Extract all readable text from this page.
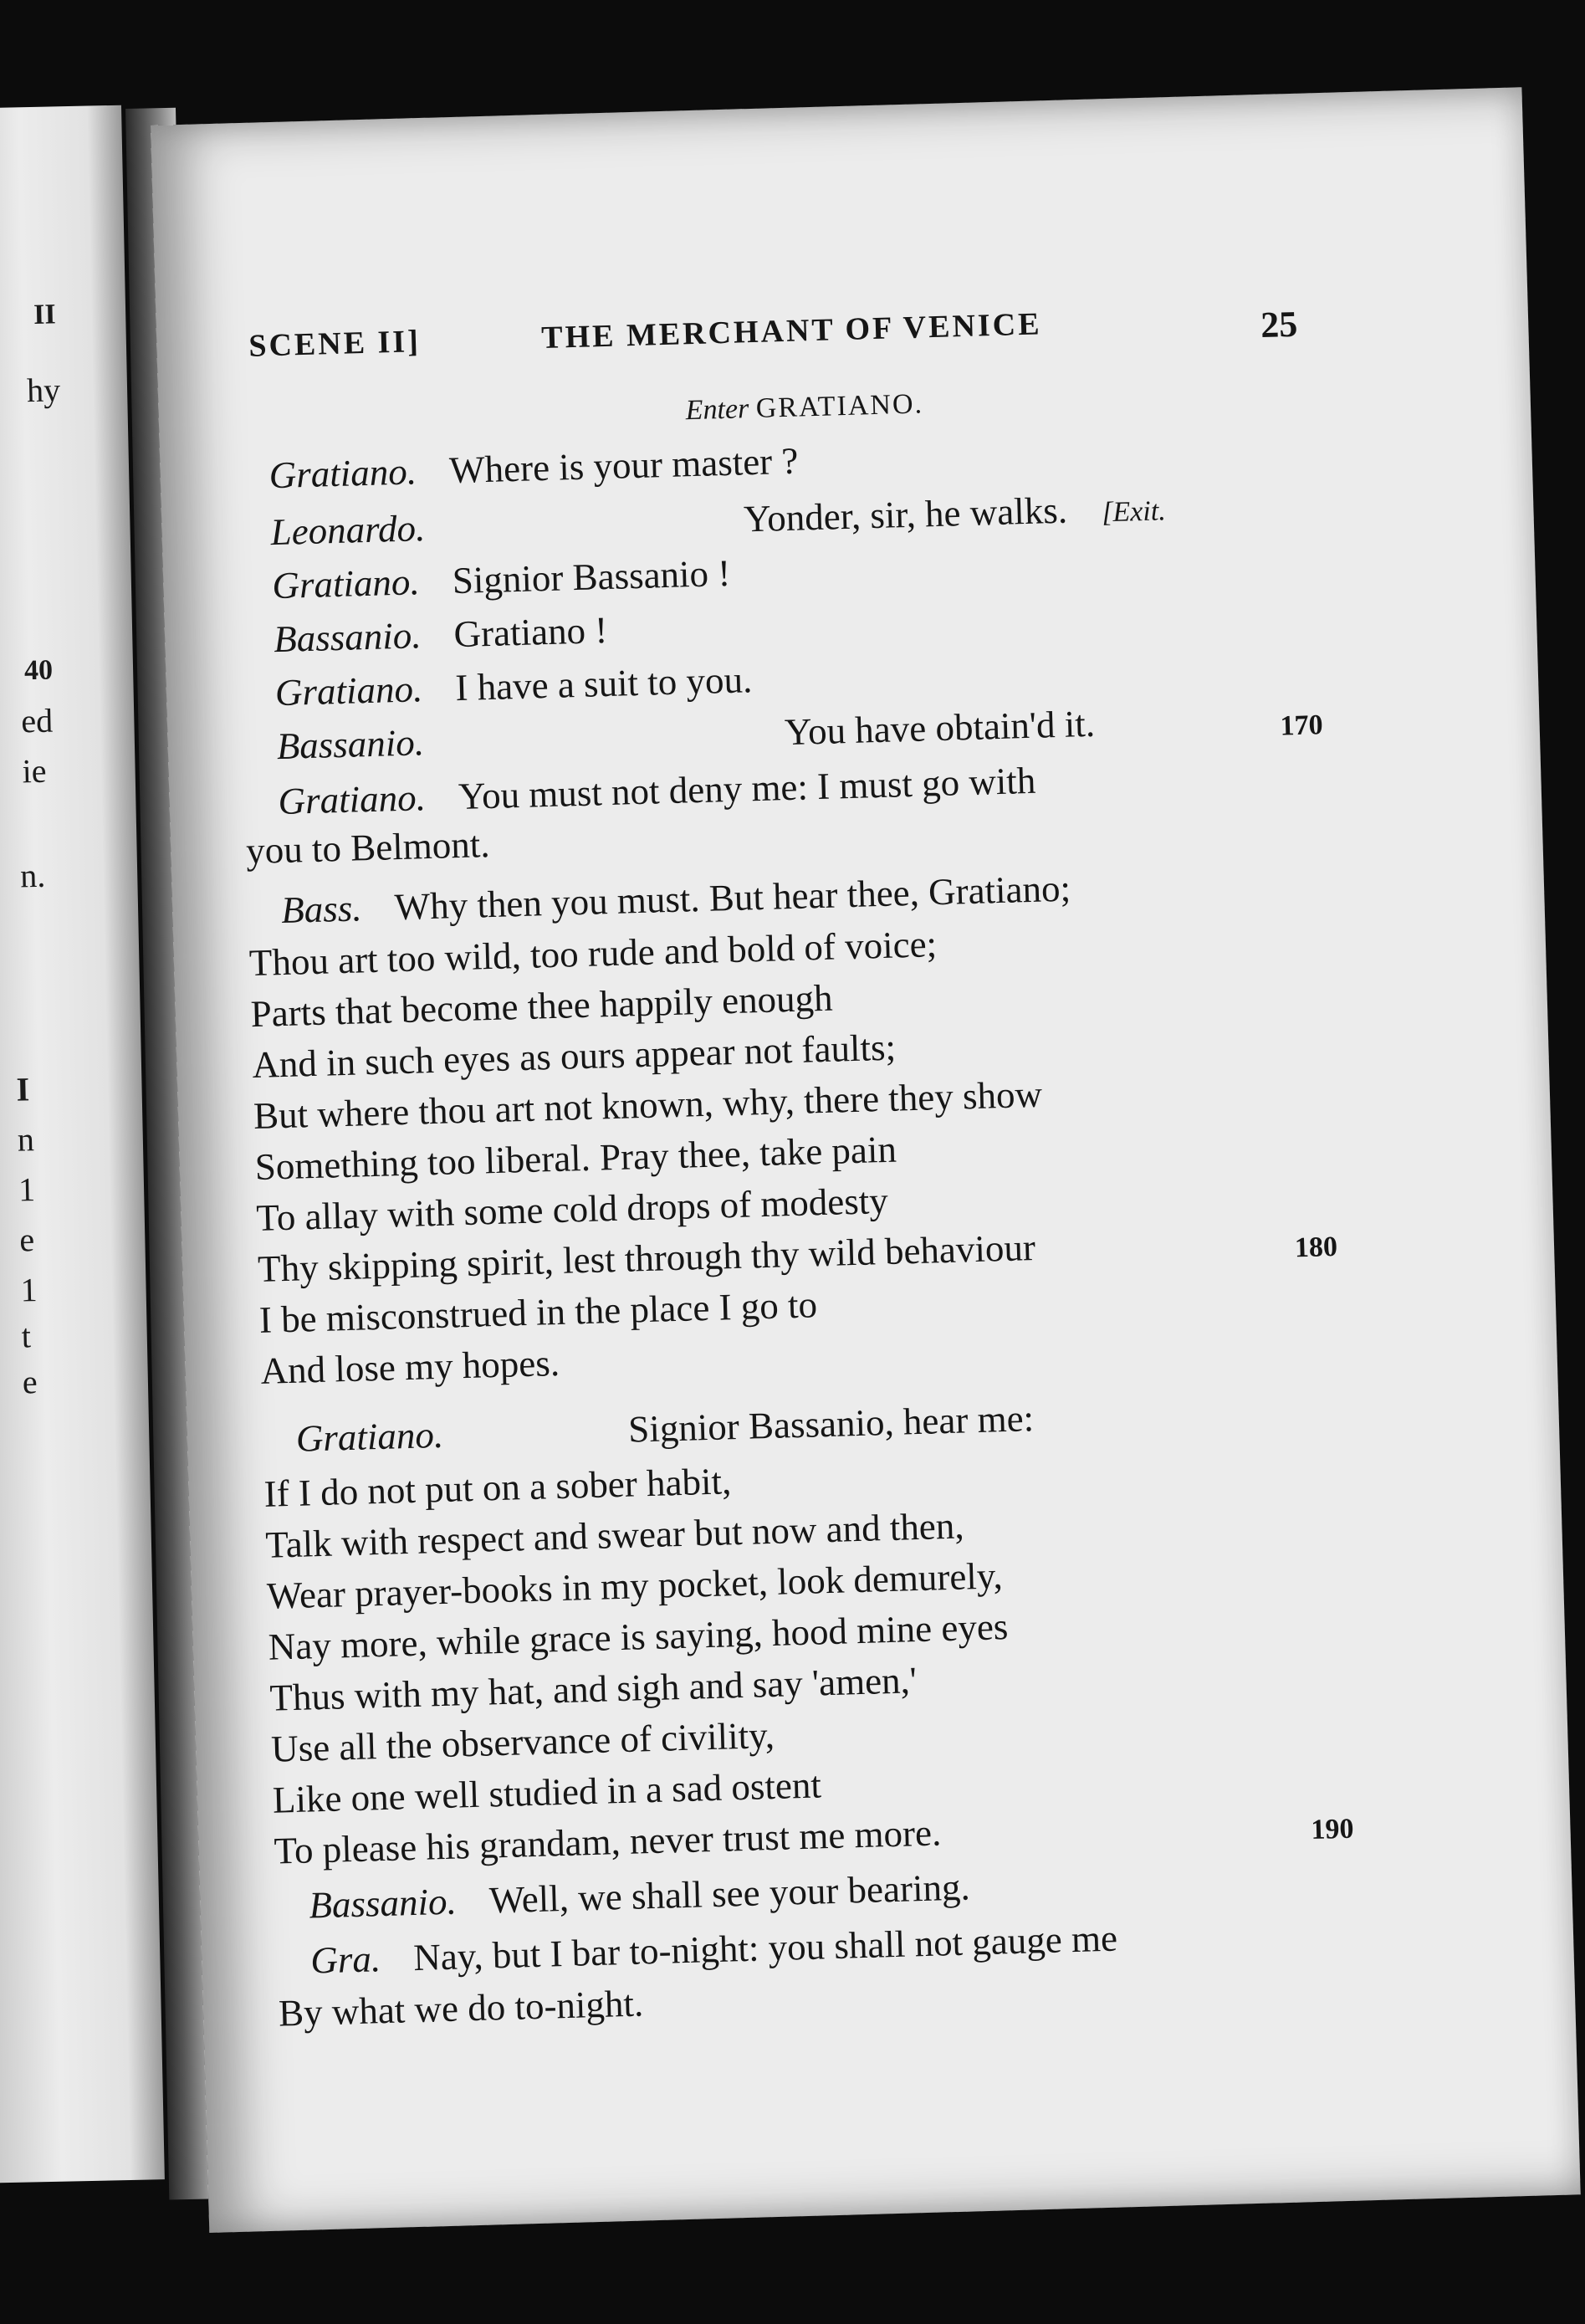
II
hy
40
ed
ie
n.
I
n
1
e
1
t
e
SCENE II]	THE MERCHANT OF VENICE	25
Enter GRATIANO.
Gratiano. Where is your master ?
Leonardo.	Yonder, sir, he walks. [Exit.
Gratiano. Signior Bassanio !
Bassanio. Gratiano !
Gratiano. I have a suit to you.
Bassanio.	You have obtain'd it.	170
Gratiano. You must not deny me: I must go with
you to Belmont.
Bass. Why then you must. But hear thee, Gratiano;
Thou art too wild, too rude and bold of voice;
Parts that become thee happily enough
And in such eyes as ours appear not faults;
But where thou art not known, why, there they show
Something too liberal. Pray thee, take pain
To allay with some cold drops of modesty
Thy skipping spirit, lest through thy wild behaviour	180
I be misconstrued in the place I go to
And lose my hopes.
Gratiano.	Signior Bassanio, hear me:
If I do not put on a sober habit,
Talk with respect and swear but now and then,
Wear prayer-books in my pocket, look demurely,
Nay more, while grace is saying, hood mine eyes
Thus with my hat, and sigh and say 'amen,'
Use all the observance of civility,
Like one well studied in a sad ostent
To please his grandam, never trust me more.	190
Bassanio. Well, we shall see your bearing.
Gra. Nay, but I bar to-night: you shall not gauge me
By what we do to-night.
